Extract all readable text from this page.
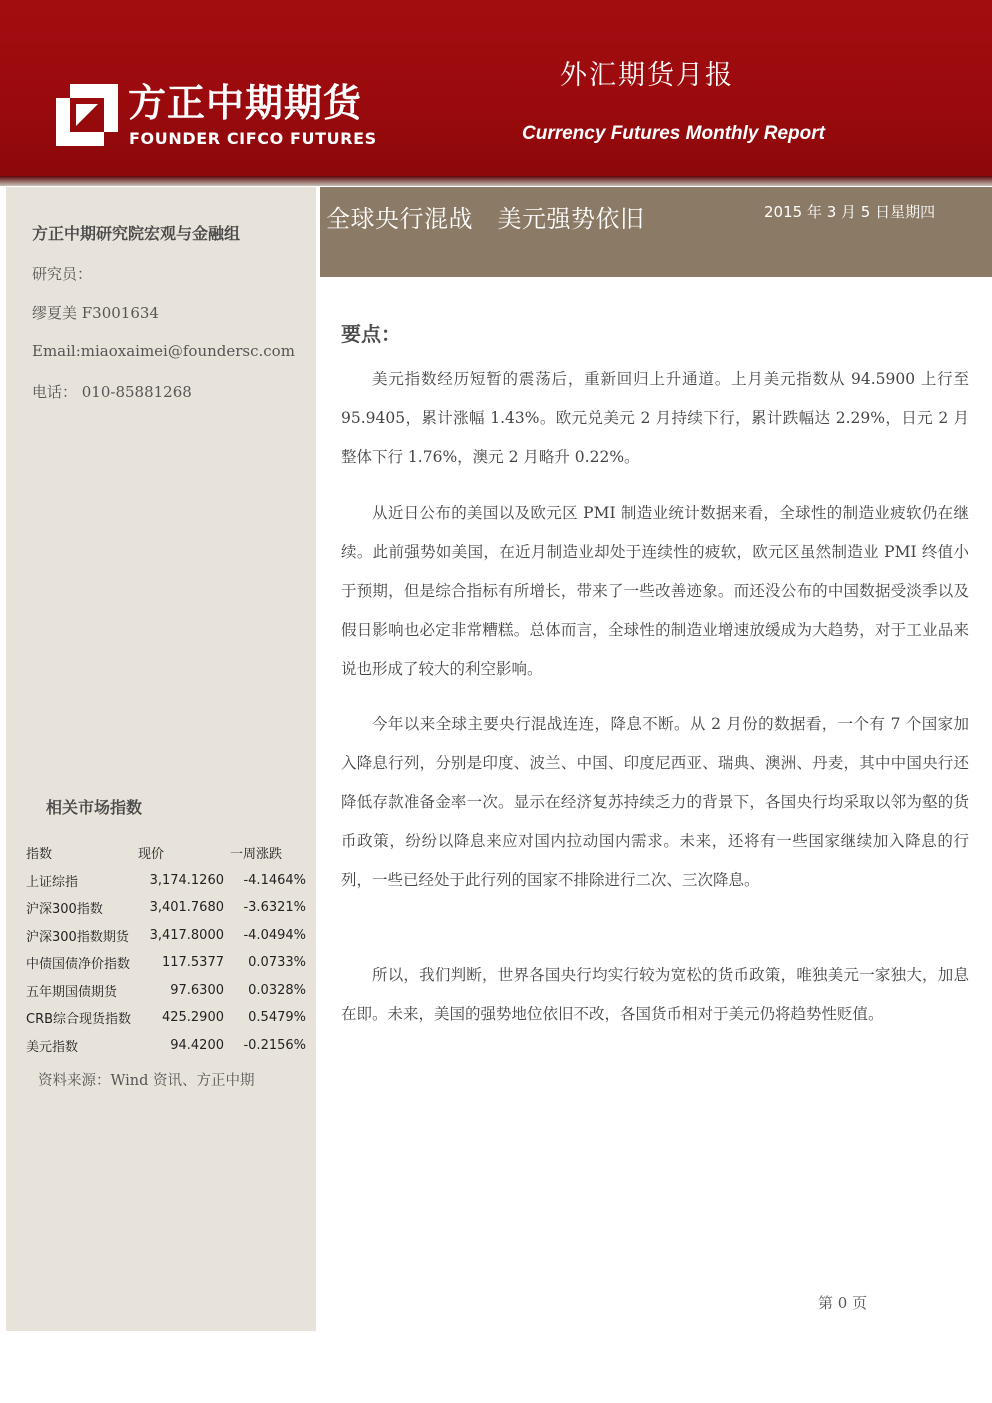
方正中期期货
FOUNDER CIFCO FUTURES
外汇期货月报
Currency Futures Monthly Report
方正中期研究院宏观与金融组
研究员：
缪夏美 F3001634
Email:miaoxaimei@foundersc.com
电话： 010-85881268
相关市场指数
指数	现价	一周涨跌
上证综指	3,174.1260	-4.1464%
沪深300指数	3,401.7680	-3.6321%
沪深300指数期货	3,417.8000	-4.0494%
中债国债净价指数	117.5377	0.0733%
五年期国债期货	97.6300	0.0328%
CRB综合现货指数	425.2900	0.5479%
美元指数	94.4200	-0.2156%
资料来源：Wind 资讯、方正中期
全球央行混战　美元强势依旧	2015 年 3 月 5 日星期四
要点：

美元指数经历短暂的震荡后，重新回归上升通道。上月美元指数从 94.5900 上行至 95.9405，累计涨幅 1.43%。欧元兑美元 2 月持续下行，累计跌幅达 2.29%，日元 2 月整体下行 1.76%，澳元 2 月略升 0.22%。

从近日公布的美国以及欧元区 PMI 制造业统计数据来看，全球性的制造业疲软仍在继续。此前强势如美国，在近月制造业却处于连续性的疲软，欧元区虽然制造业 PMI 终值小于预期，但是综合指标有所增长，带来了一些改善迹象。而还没公布的中国数据受淡季以及假日影响也必定非常糟糕。总体而言，全球性的制造业增速放缓成为大趋势，对于工业品来说也形成了较大的利空影响。

今年以来全球主要央行混战连连，降息不断。从 2 月份的数据看，一个有 7 个国家加入降息行列，分别是印度、波兰、中国、印度尼西亚、瑞典、澳洲、丹麦，其中中国央行还降低存款准备金率一次。显示在经济复苏持续乏力的背景下，各国央行均采取以邻为壑的货币政策，纷纷以降息来应对国内拉动国内需求。未来，还将有一些国家继续加入降息的行列，一些已经处于此行列的国家不排除进行二次、三次降息。

所以，我们判断，世界各国央行均实行较为宽松的货币政策，唯独美元一家独大，加息在即。未来，美国的强势地位依旧不改，各国货币相对于美元仍将趋势性贬值。

第 0 页
